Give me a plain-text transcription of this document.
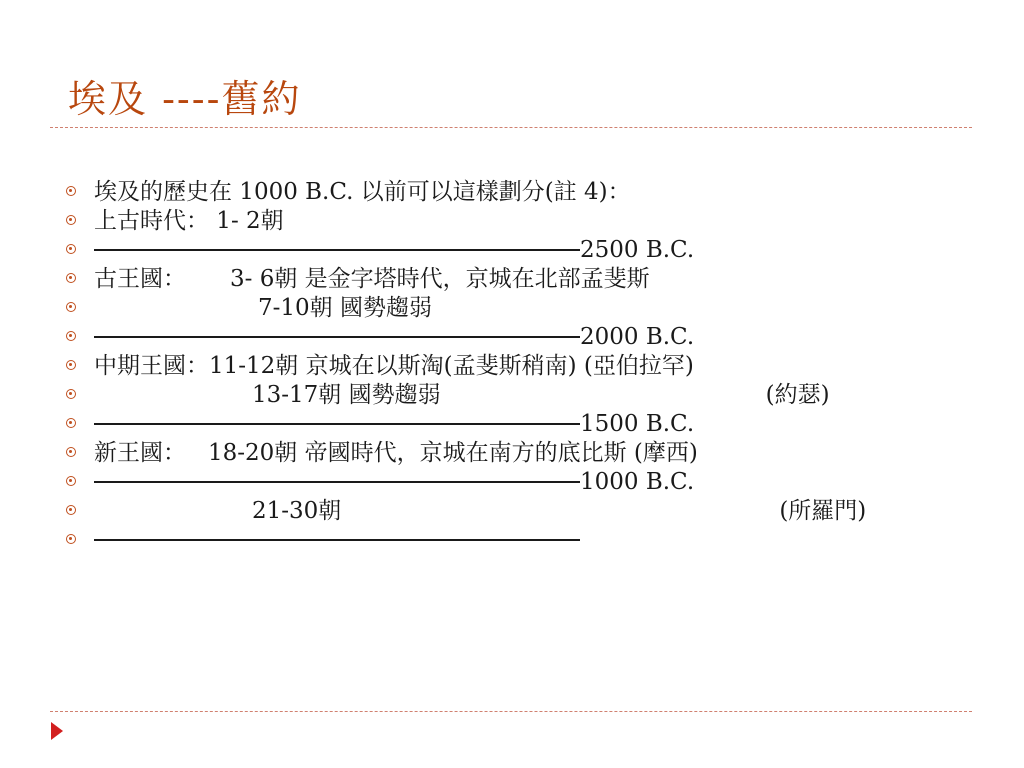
埃及 ----舊約
埃及的歷史在 1000 B.C. 以前可以這樣劃分(註 4)：
上古時代： 1- 2朝
2500 B.C.
古王國： 3- 6朝 是金字塔時代，京城在北部孟斐斯
7-10朝 國勢趨弱
2000 B.C.
中期王國：11-12朝 京城在以斯淘(孟斐斯稍南) (亞伯拉罕)
13-17朝 國勢趨弱	(約瑟)
1500 B.C.
新王國： 18-20朝 帝國時代，京城在南方的底比斯 (摩西)
1000 B.C.
21-30朝	(所羅門)
